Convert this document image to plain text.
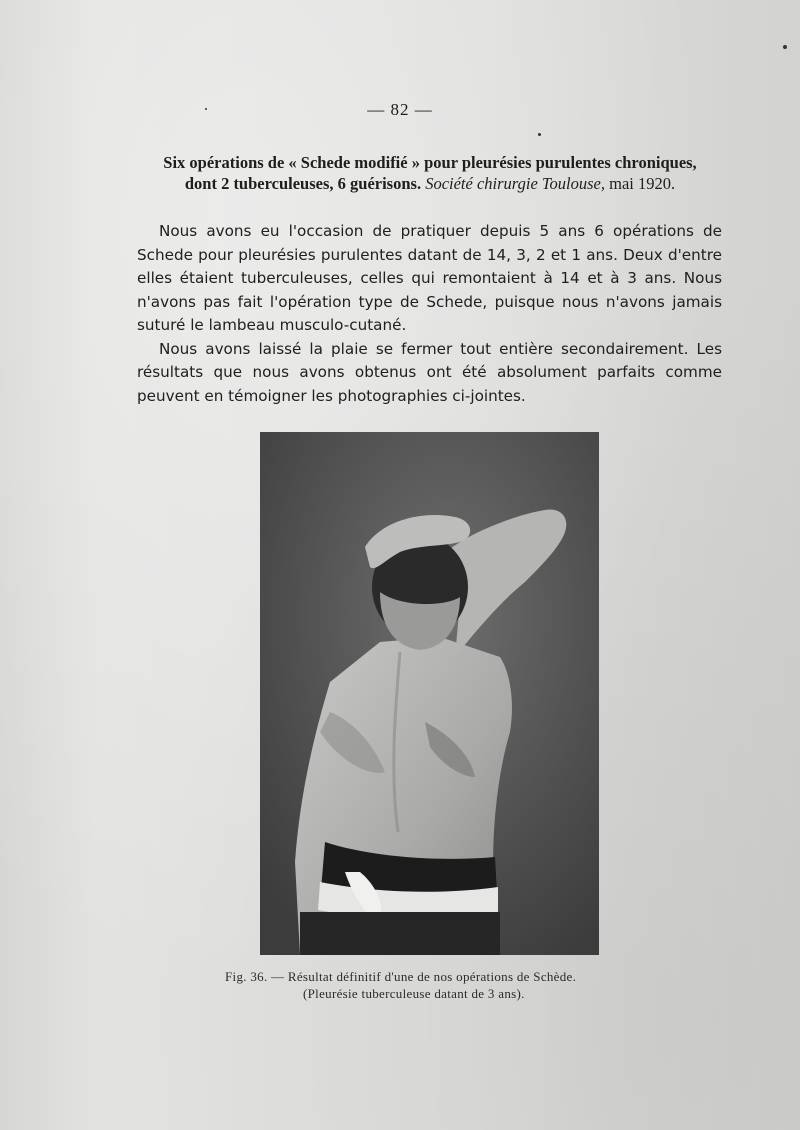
— 82 —
Six opérations de « Schede modifié » pour pleurésies purulentes chroniques,
dont 2 tuberculeuses, 6 guérisons. Société chirurgie Toulouse, mai 1920.

Nous avons eu l'occasion de pratiquer depuis 5 ans 6 opérations de Schede pour pleurésies purulentes datant de 14, 3, 2 et 1 ans. Deux d'entre elles étaient tuberculeuses, celles qui remontaient à 14 et à 3 ans. Nous n'avons pas fait l'opération type de Schede, puisque nous n'avons jamais suturé le lambeau musculo-cutané.

Nous avons laissé la plaie se fermer tout entière secondairement. Les résultats que nous avons obtenus ont été absolument parfaits comme peuvent en témoigner les photographies ci-jointes.

Fig. 36. — Résultat définitif d'une de nos opérations de Schède.
(Pleurésie tuberculeuse datant de 3 ans).
